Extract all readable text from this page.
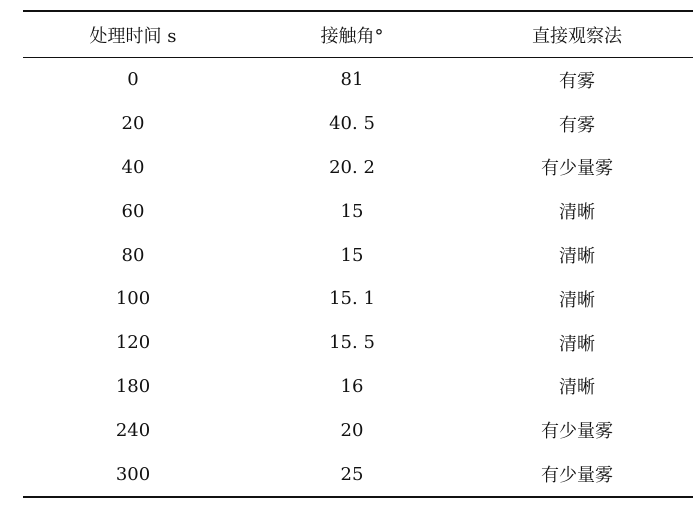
处理时间 s	接触角°	直接观察法
0	81	有雾
20	40. 5	有雾
40	20. 2	有少量雾
60	15	清晰
80	15	清晰
100	15. 1	清晰
120	15. 5	清晰
180	16	清晰
240	20	有少量雾
300	25	有少量雾
